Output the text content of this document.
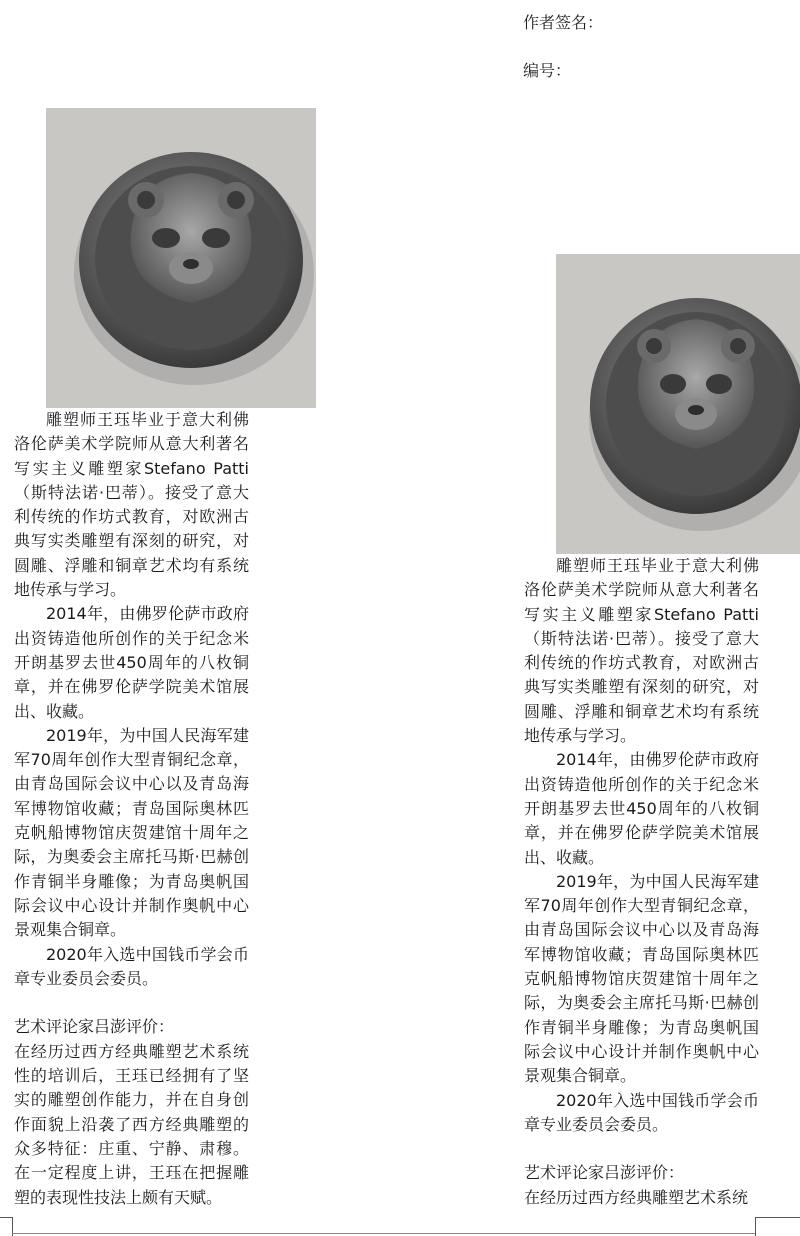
作者签名：
编号：

雕塑师王珏毕业于意大利佛洛伦萨美术学院师从意大利著名写实主义雕塑家Stefano Patti（斯特法诺·巴蒂）。接受了意大利传统的作坊式教育，对欧洲古典写实类雕塑有深刻的研究，对圆雕、浮雕和铜章艺术均有系统地传承与学习。

2014年，由佛罗伦萨市政府出资铸造他所创作的关于纪念米开朗基罗去世450周年的八枚铜章，并在佛罗伦萨学院美术馆展出、收藏。

2019年，为中国人民海军建军70周年创作大型青铜纪念章，由青岛国际会议中心以及青岛海军博物馆收藏；青岛国际奥林匹克帆船博物馆庆贺建馆十周年之际，为奥委会主席托马斯·巴赫创作青铜半身雕像；为青岛奥帆国际会议中心设计并制作奥帆中心景观集合铜章。

2020年入选中国钱币学会币章专业委员会委员。

艺术评论家吕澎评价：

在经历过西方经典雕塑艺术系统性的培训后，王珏已经拥有了坚实的雕塑创作能力，并在自身创作面貌上沿袭了西方经典雕塑的众多特征：庄重、宁静、肃穆。在一定程度上讲，王珏在把握雕塑的表现性技法上颇有天赋。

雕塑师王珏毕业于意大利佛洛伦萨美术学院师从意大利著名写实主义雕塑家Stefano Patti（斯特法诺·巴蒂）。接受了意大利传统的作坊式教育，对欧洲古典写实类雕塑有深刻的研究，对圆雕、浮雕和铜章艺术均有系统地传承与学习。

2014年，由佛罗伦萨市政府出资铸造他所创作的关于纪念米开朗基罗去世450周年的八枚铜章，并在佛罗伦萨学院美术馆展出、收藏。

2019年，为中国人民海军建军70周年创作大型青铜纪念章，由青岛国际会议中心以及青岛海军博物馆收藏；青岛国际奥林匹克帆船博物馆庆贺建馆十周年之际，为奥委会主席托马斯·巴赫创作青铜半身雕像；为青岛奥帆国际会议中心设计并制作奥帆中心景观集合铜章。

2020年入选中国钱币学会币章专业委员会委员。

艺术评论家吕澎评价：

在经历过西方经典雕塑艺术系统
